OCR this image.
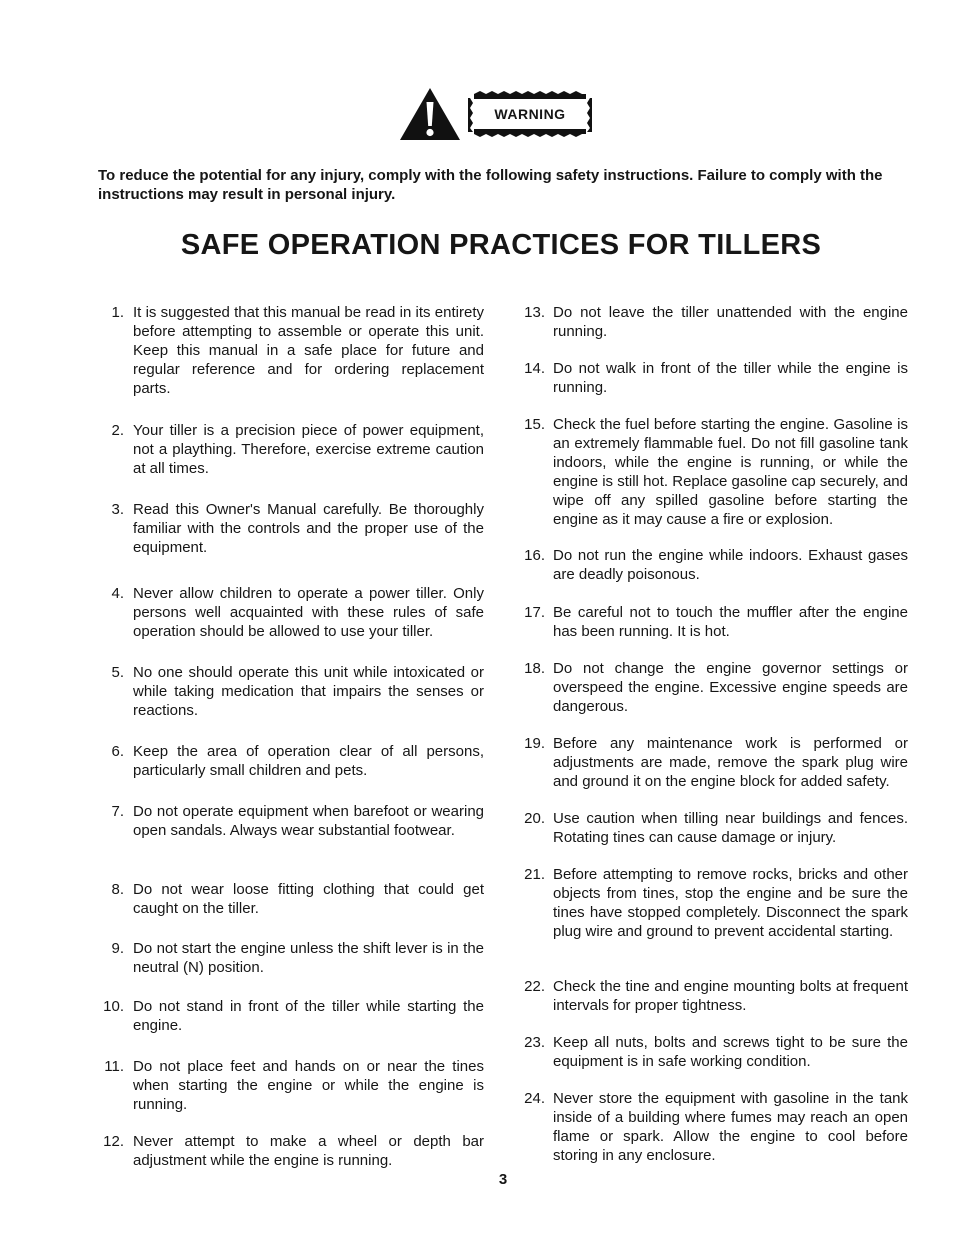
WARNING
To reduce the potential for any injury, comply with the following safety instructions. Failure to comply with the instructions may result in personal injury.
SAFE OPERATION PRACTICES FOR TILLERS
1. It is suggested that this manual be read in its entirety before attempting to assemble or operate this unit. Keep this manual in a safe place for future and regular reference and for ordering replacement parts.
2. Your tiller is a precision piece of power equipment, not a plaything. Therefore, exercise extreme caution at all times.
3. Read this Owner's Manual carefully. Be thoroughly familiar with the controls and the proper use of the equipment.
4. Never allow children to operate a power tiller. Only persons well acquainted with these rules of safe operation should be allowed to use your tiller.
5. No one should operate this unit while intoxicated or while taking medication that impairs the senses or reactions.
6. Keep the area of operation clear of all persons, particularly small children and pets.
7. Do not operate equipment when barefoot or wearing open sandals. Always wear substantial footwear.
8. Do not wear loose fitting clothing that could get caught on the tiller.
9. Do not start the engine unless the shift lever is in the neutral (N) position.
10. Do not stand in front of the tiller while starting the engine.
11. Do not place feet and hands on or near the tines when starting the engine or while the engine is running.
12. Never attempt to make a wheel or depth bar adjustment while the engine is running.
13. Do not leave the tiller unattended with the engine running.
14. Do not walk in front of the tiller while the engine is running.
15. Check the fuel before starting the engine. Gasoline is an extremely flammable fuel. Do not fill gasoline tank indoors, while the engine is running, or while the engine is still hot. Replace gasoline cap securely, and wipe off any spilled gasoline before starting the engine as it may cause a fire or explosion.
16. Do not run the engine while indoors. Exhaust gases are deadly poisonous.
17. Be careful not to touch the muffler after the engine has been running. It is hot.
18. Do not change the engine governor settings or overspeed the engine. Excessive engine speeds are dangerous.
19. Before any maintenance work is performed or adjustments are made, remove the spark plug wire and ground it on the engine block for added safety.
20. Use caution when tilling near buildings and fences. Rotating tines can cause damage or injury.
21. Before attempting to remove rocks, bricks and other objects from tines, stop the engine and be sure the tines have stopped completely. Disconnect the spark plug wire and ground to prevent accidental starting.
22. Check the tine and engine mounting bolts at frequent intervals for proper tightness.
23. Keep all nuts, bolts and screws tight to be sure the equipment is in safe working condition.
24. Never store the equipment with gasoline in the tank inside of a building where fumes may reach an open flame or spark. Allow the engine to cool before storing in any enclosure.
3
